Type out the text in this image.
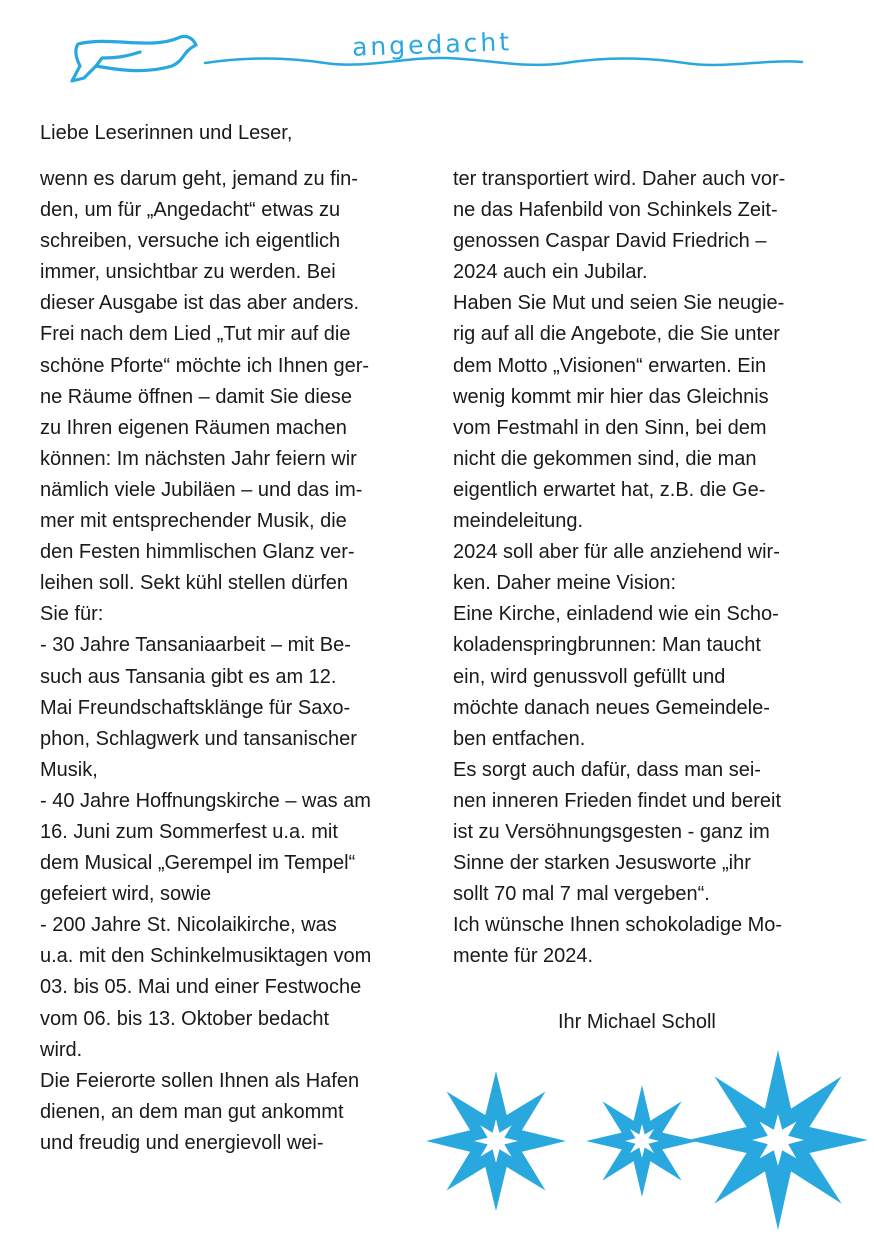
angedacht
Liebe Leserinnen und Leser,
wenn es darum geht, jemand zu fin-
den, um für „Angedacht“ etwas zu
schreiben, versuche ich eigentlich
immer, unsichtbar zu werden. Bei
dieser Ausgabe ist das aber anders.
Frei nach dem Lied „Tut mir auf die
schöne Pforte“ möchte ich Ihnen ger-
ne Räume öffnen – damit Sie diese
zu Ihren eigenen Räumen machen
können: Im nächsten Jahr feiern wir
nämlich viele Jubiläen – und das im-
mer mit entsprechender Musik, die
den Festen himmlischen Glanz ver-
leihen soll. Sekt kühl stellen dürfen
Sie für:
- 30 Jahre Tansaniaarbeit – mit Be-
such aus Tansania gibt es am 12.
Mai Freundschaftsklänge für Saxo-
phon, Schlagwerk und tansanischer
Musik,
- 40 Jahre Hoffnungskirche – was am
16. Juni zum Sommerfest u.a. mit
dem Musical „Gerempel im Tempel“
gefeiert wird, sowie
- 200 Jahre St. Nicolaikirche, was
u.a. mit den Schinkelmusiktagen vom
03. bis 05. Mai und einer Festwoche
vom 06. bis 13. Oktober bedacht
wird.
Die Feierorte sollen Ihnen als Hafen
dienen, an dem man gut ankommt
und freudig und energievoll wei-
ter transportiert wird. Daher auch vor-
ne das Hafenbild von Schinkels Zeit-
genossen Caspar David Friedrich –
2024 auch ein Jubilar.
Haben Sie Mut und seien Sie neugie-
rig auf all die Angebote, die Sie unter
dem Motto „Visionen“ erwarten. Ein
wenig kommt mir hier das Gleichnis
vom Festmahl in den Sinn, bei dem
nicht die gekommen sind, die man
eigentlich erwartet hat, z.B. die Ge-
meindeleitung.
2024 soll aber für alle anziehend wir-
ken. Daher meine Vision:
Eine Kirche, einladend wie ein Scho-
koladenspringbrunnen: Man taucht
ein, wird genussvoll gefüllt und
möchte danach neues Gemeindele-
ben entfachen.
Es sorgt auch dafür, dass man sei-
nen inneren Frieden findet und bereit
ist zu Versöhnungsgesten - ganz im
Sinne der starken Jesusworte „ihr
sollt 70 mal 7 mal vergeben“.
Ich wünsche Ihnen schokoladige Mo-
mente für 2024.
Ihr Michael Scholl
